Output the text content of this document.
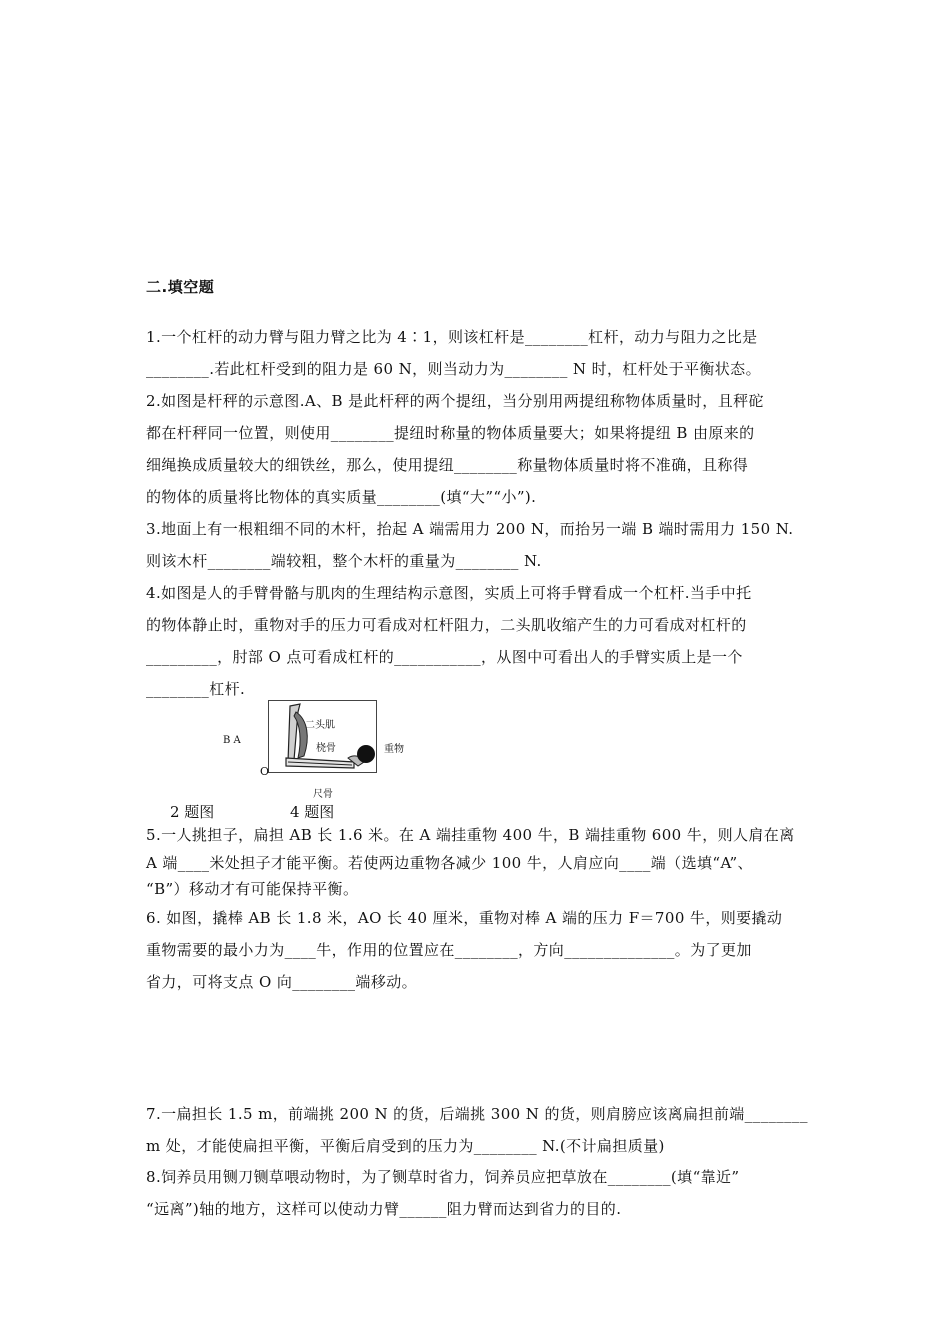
二.填空题
1.一个杠杆的动力臂与阻力臂之比为 4∶1，则该杠杆是________杠杆，动力与阻力之比是
________.若此杠杆受到的阻力是 60 N，则当动力为________ N 时，杠杆处于平衡状态。
2.如图是杆秤的示意图.A、B 是此杆秤的两个提纽，当分别用两提纽称物体质量时，且秤砣
都在杆秤同一位置，则使用________提纽时称量的物体质量要大；如果将提纽 B 由原来的
细绳换成质量较大的细铁丝，那么，使用提纽________称量物体质量时将不准确，且称得
的物体的质量将比物体的真实质量________(填“大”“小”).
3.地面上有一根粗细不同的木杆，抬起 A 端需用力 200 N，而抬另一端 B 端时需用力 150 N.
则该木杆________端较粗，整个木杆的重量为________ N.
4.如图是人的手臂骨骼与肌肉的生理结构示意图，实质上可将手臂看成一个杠杆.当手中托
的物体静止时，重物对手的压力可看成对杠杆阻力，二头肌收缩产生的力可看成对杠杆的
_________，肘部 O 点可看成杠杆的___________，从图中可看出人的手臂实质上是一个
________杠杆.
B A
O
二头肌
桡骨	重物
尺骨
2 题图	4 题图
5.一人挑担子，扁担 AB 长 1.6 米。在 A 端挂重物 400 牛，B 端挂重物 600 牛，则人肩在离
A 端____米处担子才能平衡。若使两边重物各减少 100 牛，人肩应向____端（选填“A”、
“B”）移动才有可能保持平衡。
6. 如图，撬棒 AB 长 1.8 米，AO 长 40 厘米，重物对棒 A 端的压力 F＝700 牛，则要撬动
重物需要的最小力为____牛，作用的位置应在________，方向______________。为了更加
省力，可将支点 O 向________端移动。
7.一扁担长 1.5 m，前端挑 200 N 的货，后端挑 300 N 的货，则肩膀应该离扁担前端________
m 处，才能使扁担平衡，平衡后肩受到的压力为________ N.(不计扁担质量)
8.饲养员用铡刀铡草喂动物时，为了铡草时省力，饲养员应把草放在________(填“靠近”
“远离”)轴的地方，这样可以使动力臂______阻力臂而达到省力的目的.
